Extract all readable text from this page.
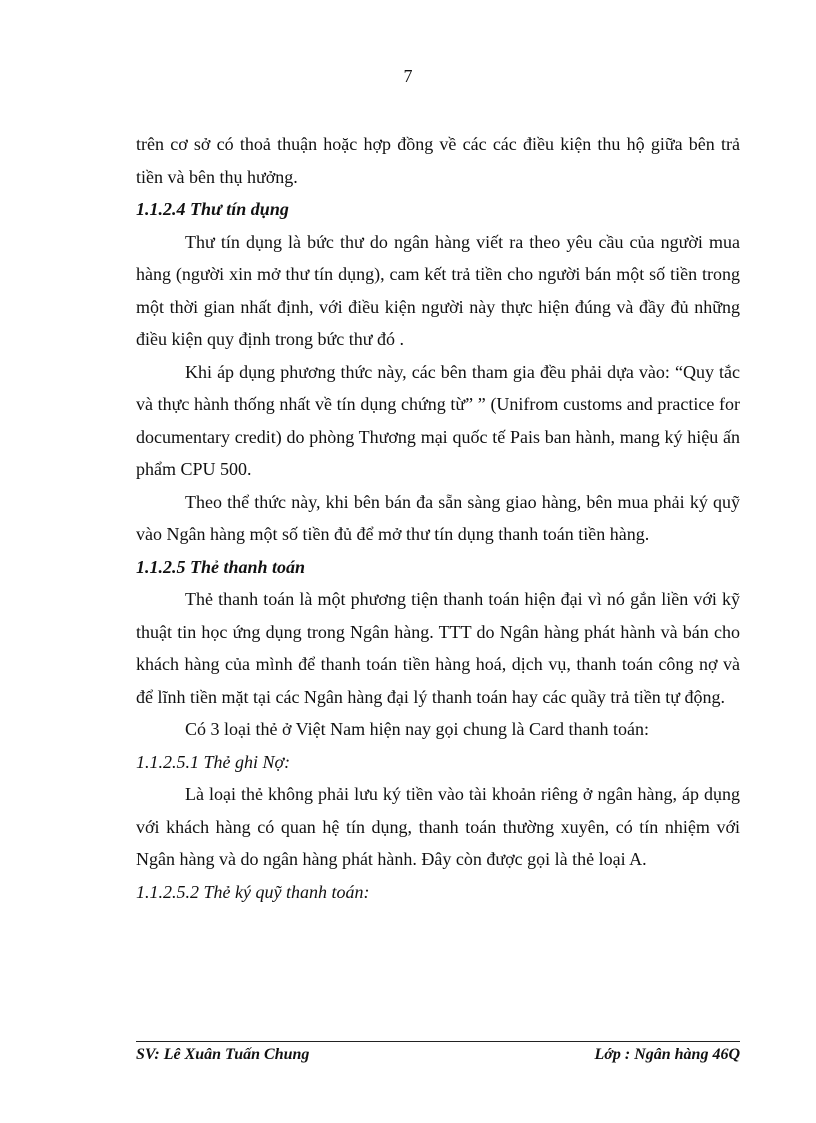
7

trên cơ sở có thoả thuận hoặc hợp đồng về các các điều kiện thu hộ giữa bên trả tiền và bên thụ hưởng.

1.1.2.4 Thư tín dụng

Thư tín dụng là bức thư do ngân hàng viết ra theo yêu cầu của người mua hàng (người xin mở thư tín dụng), cam kết trả tiền cho người bán một số tiền trong một thời gian nhất định, với điều kiện người này thực hiện đúng và đầy đủ những điều kiện quy định trong bức thư đó .

Khi áp dụng phương thức này, các bên tham gia đều phải dựa vào: “Quy tắc và thực hành thống nhất về tín dụng chứng từ” ” (Unifrom customs and practice for documentary credit) do phòng Thương mại quốc tế Pais ban hành, mang ký hiệu ấn phẩm CPU 500.

Theo thể thức này, khi bên bán đa sẵn sàng giao hàng, bên mua phải ký quỹ vào Ngân hàng một số tiền đủ để mở thư tín dụng thanh toán tiền hàng.

1.1.2.5 Thẻ thanh toán

Thẻ thanh toán là một phương tiện thanh toán hiện đại vì nó gắn liền với kỹ thuật tin học ứng dụng trong Ngân hàng. TTT do Ngân hàng phát hành và bán cho khách hàng của mình để thanh toán tiền hàng hoá, dịch vụ, thanh toán công nợ và để lĩnh tiền mặt tại các Ngân hàng đại lý thanh toán hay các quầy trả tiền tự động.

Có 3 loại thẻ ở Việt Nam hiện nay gọi chung là Card thanh toán:

1.1.2.5.1 Thẻ ghi Nợ:

Là loại thẻ không phải lưu ký tiền vào tài khoản riêng ở ngân hàng, áp dụng với khách hàng có quan hệ tín dụng, thanh toán thường xuyên, có tín nhiệm với Ngân hàng và do ngân hàng phát hành. Đây còn được gọi là thẻ loại A.

1.1.2.5.2 Thẻ ký quỹ thanh toán:
SV: Lê Xuân Tuấn Chung	Lớp : Ngân hàng 46Q
